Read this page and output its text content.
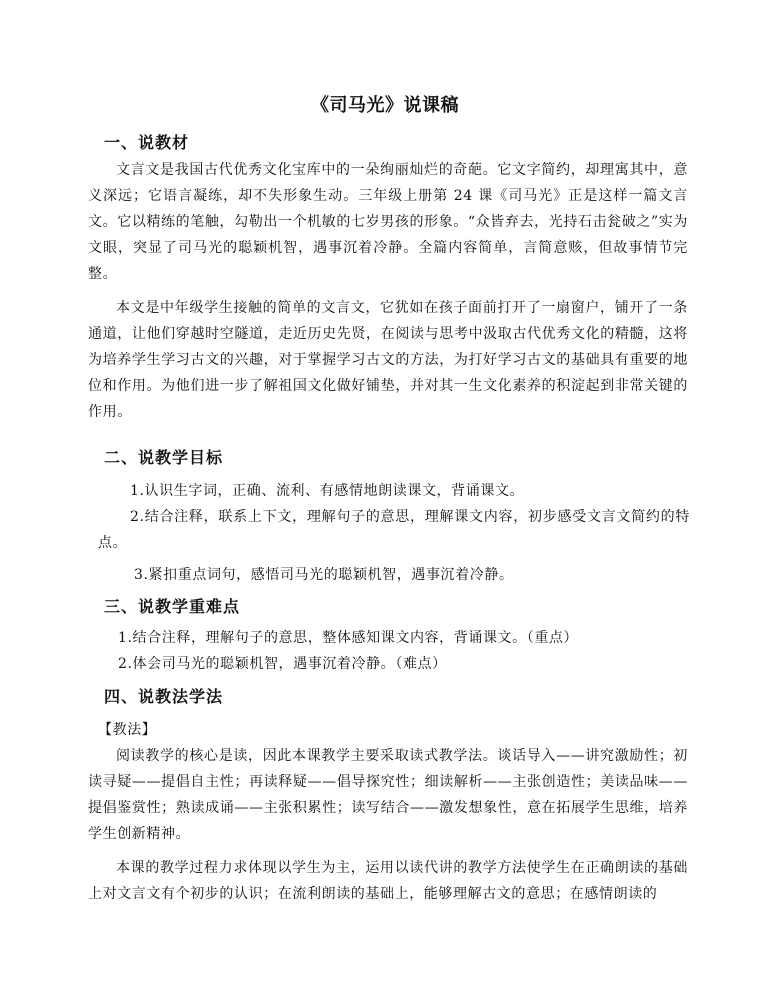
《司马光》说课稿
一、说教材
文言文是我国古代优秀文化宝库中的一朵绚丽灿烂的奇葩。它文字简约，却理寓其中，意义深远；它语言凝练，却不失形象生动。三年级上册第 24 课《司马光》正是这样一篇文言文。它以精练的笔触，勾勒出一个机敏的七岁男孩的形象。“众皆弃去，光持石击瓮破之”实为文眼，突显了司马光的聪颖机智，遇事沉着冷静。全篇内容简单，言简意赅，但故事情节完整。
本文是中年级学生接触的简单的文言文，它犹如在孩子面前打开了一扇窗户，铺开了一条通道，让他们穿越时空隧道，走近历史先贤，在阅读与思考中汲取古代优秀文化的精髓，这将为培养学生学习古文的兴趣，对于掌握学习古文的方法，为打好学习古文的基础具有重要的地位和作用。为他们进一步了解祖国文化做好铺垫，并对其一生文化素养的积淀起到非常关键的作用。
二、说教学目标
1.认识生字词，正确、流利、有感情地朗读课文，背诵课文。
2.结合注释，联系上下文，理解句子的意思，理解课文内容，初步感受文言文简约的特点。
3.紧扣重点词句，感悟司马光的聪颖机智，遇事沉着冷静。
三、说教学重难点
1.结合注释，理解句子的意思，整体感知课文内容，背诵课文。（重点）
2.体会司马光的聪颖机智，遇事沉着冷静。（难点）
四、说教法学法
【教法】
阅读教学的核心是读，因此本课教学主要采取读式教学法。谈话导入——讲究激励性；初读寻疑——提倡自主性；再读释疑——倡导探究性；细读解析——主张创造性；美读品味——提倡鉴赏性；熟读成诵——主张积累性；读写结合——激发想象性，意在拓展学生思维，培养学生创新精神。
本课的教学过程力求体现以学生为主，运用以读代讲的教学方法使学生在正确朗读的基础上对文言文有个初步的认识；在流利朗读的基础上，能够理解古文的意思；在感情朗读的
